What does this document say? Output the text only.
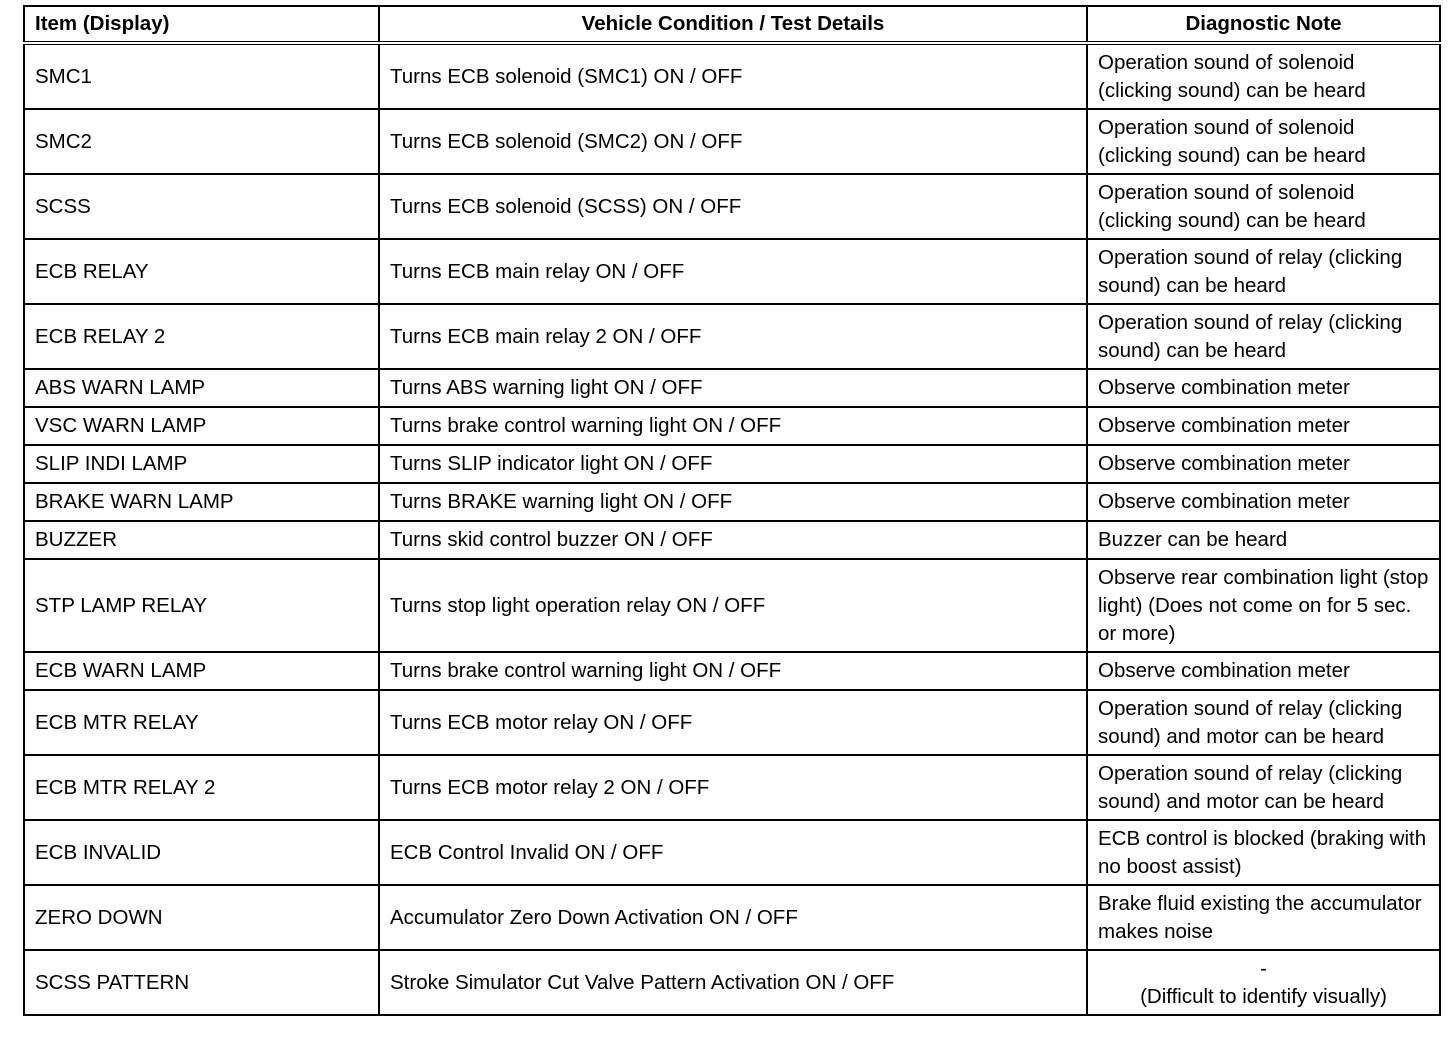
Item (Display)	Vehicle Condition / Test Details	Diagnostic Note
SMC1	Turns ECB solenoid (SMC1) ON / OFF	Operation sound of solenoid (clicking sound) can be heard
SMC2	Turns ECB solenoid (SMC2) ON / OFF	Operation sound of solenoid (clicking sound) can be heard
SCSS	Turns ECB solenoid (SCSS) ON / OFF	Operation sound of solenoid (clicking sound) can be heard
ECB RELAY	Turns ECB main relay ON / OFF	Operation sound of relay (clicking sound) can be heard
ECB RELAY 2	Turns ECB main relay 2 ON / OFF	Operation sound of relay (clicking sound) can be heard
ABS WARN LAMP	Turns ABS warning light ON / OFF	Observe combination meter
VSC WARN LAMP	Turns brake control warning light ON / OFF	Observe combination meter
SLIP INDI LAMP	Turns SLIP indicator light ON / OFF	Observe combination meter
BRAKE WARN LAMP	Turns BRAKE warning light ON / OFF	Observe combination meter
BUZZER	Turns skid control buzzer ON / OFF	Buzzer can be heard
STP LAMP RELAY	Turns stop light operation relay ON / OFF	Observe rear combination light (stop light) (Does not come on for 5 sec. or more)
ECB WARN LAMP	Turns brake control warning light ON / OFF	Observe combination meter
ECB MTR RELAY	Turns ECB motor relay ON / OFF	Operation sound of relay (clicking sound) and motor can be heard
ECB MTR RELAY 2	Turns ECB motor relay 2 ON / OFF	Operation sound of relay (clicking sound) and motor can be heard
ECB INVALID	ECB Control Invalid ON / OFF	ECB control is blocked (braking with no boost assist)
ZERO DOWN	Accumulator Zero Down Activation ON / OFF	Brake fluid existing the accumulator makes noise
SCSS PATTERN	Stroke Simulator Cut Valve Pattern Activation ON / OFF	-
(Difficult to identify visually)
